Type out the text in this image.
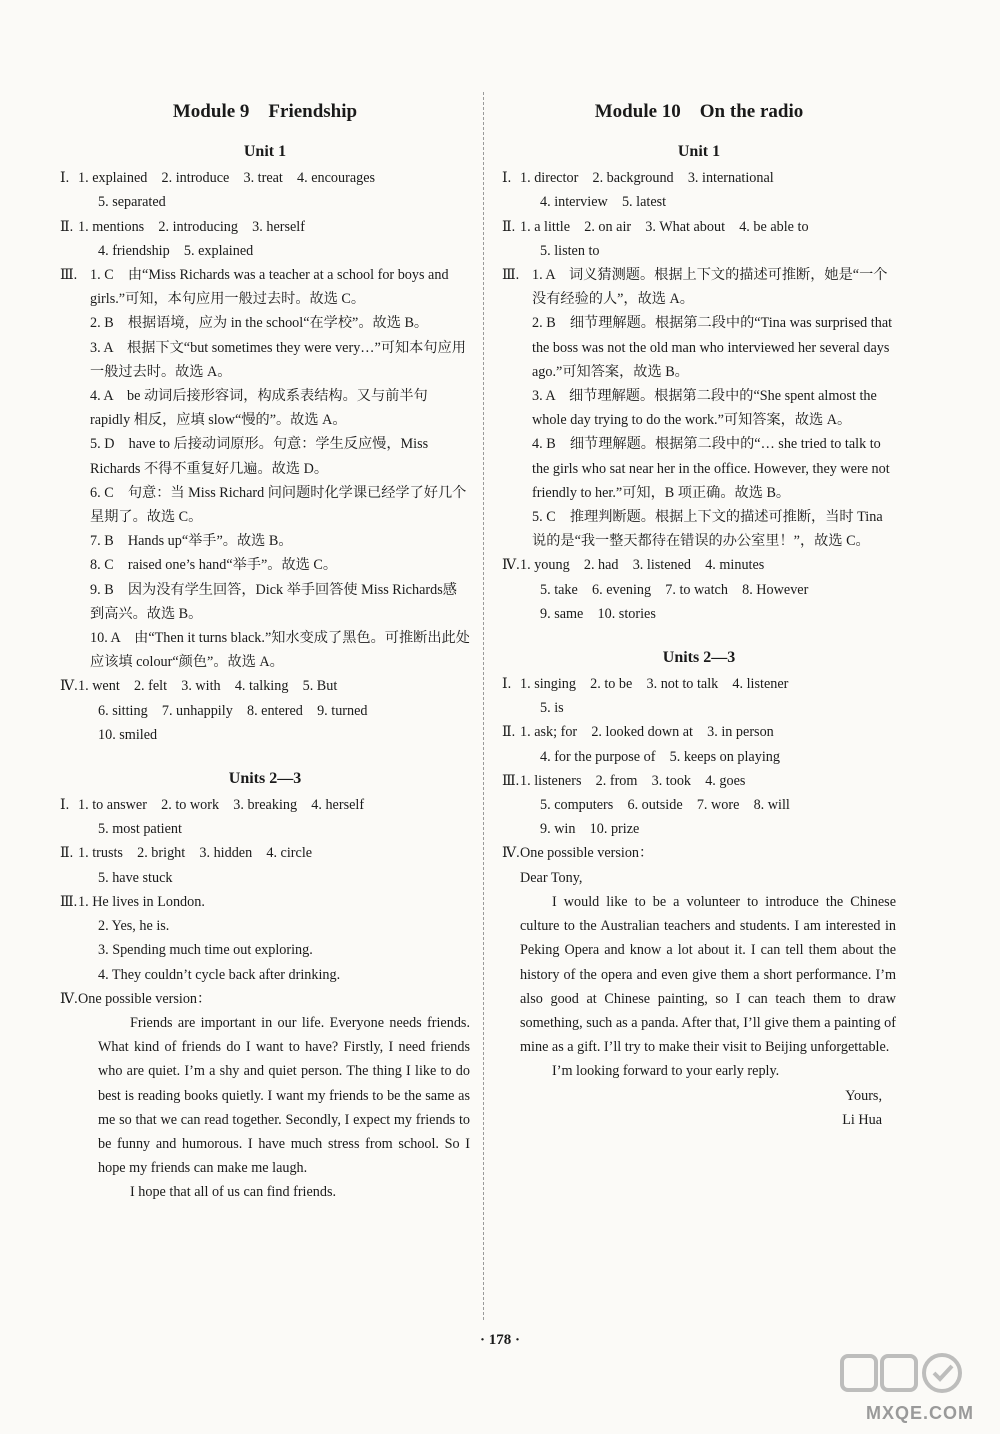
Module 9　Friendship
Unit 1
Ⅰ. 1. explained　2. introduce　3. treat　4. encourages
5. separated
Ⅱ. 1. mentions　2. introducing　3. herself
4. friendship　5. explained
Ⅲ. 1. C　由“Miss Richards was a teacher at a school for boys and girls.”可知，本句应用一般过去时。故选 C。
2. B　根据语境，应为 in the school“在学校”。故选 B。
3. A　根据下文“but sometimes they were very…”可知本句应用一般过去时。故选 A。
4. A　be 动词后接形容词，构成系表结构。又与前半句 rapidly 相反，应填 slow“慢的”。故选 A。
5. D　have to 后接动词原形。句意：学生反应慢，Miss Richards 不得不重复好几遍。故选 D。
6. C　句意：当 Miss Richard 问问题时化学课已经学了好几个星期了。故选 C。
7. B　Hands up“举手”。故选 B。
8. C　raised one’s hand“举手”。故选 C。
9. B　因为没有学生回答，Dick 举手回答使 Miss Richards感到高兴。故选 B。
10. A　由“Then it turns black.”知水变成了黑色。可推断出此处应该填 colour“颜色”。故选 A。
Ⅳ.1. went　2. felt　3. with　4. talking　5. But
6. sitting　7. unhappily　8. entered　9. turned
10. smiled
Units 2—3
Ⅰ. 1. to answer　2. to work　3. breaking　4. herself
5. most patient
Ⅱ. 1. trusts　2. bright　3. hidden　4. circle
5. have stuck
Ⅲ.1. He lives in London.
2. Yes, he is.
3. Spending much time out exploring.
4. They couldn’t cycle back after drinking.
Ⅳ.One possible version：
Friends are important in our life. Everyone needs friends. What kind of friends do I want to have? Firstly, I need friends who are quiet. I’m a shy and quiet person. The thing I like to do best is reading books quietly. I want my friends to be the same as me so that we can read together. Secondly, I expect my friends to be funny and humorous. I have much stress from school. So I hope my friends can make me laugh.
I hope that all of us can find friends.
Module 10　On the radio
Unit 1
Ⅰ. 1. director　2. background　3. international
4. interview　5. latest
Ⅱ. 1. a little　2. on air　3. What about　4. be able to
5. listen to
Ⅲ. 1. A　词义猜测题。根据上下文的描述可推断，她是“一个没有经验的人”，故选 A。
2. B　细节理解题。根据第二段中的“Tina was surprised that the boss was not the old man who interviewed her several days ago.”可知答案，故选 B。
3. A　细节理解题。根据第二段中的“She spent almost the whole day trying to do the work.”可知答案，故选 A。
4. B　细节理解题。根据第二段中的“… she tried to talk to the girls who sat near her in the office. However, they were not friendly to her.”可知，B 项正确。故选 B。
5. C　推理判断题。根据上下文的描述可推断，当时 Tina 说的是“我一整天都待在错误的办公室里！”，故选 C。
Ⅳ.1. young　2. had　3. listened　4. minutes
5. take　6. evening　7. to watch　8. However
9. same　10. stories
Units 2—3
Ⅰ. 1. singing　2. to be　3. not to talk　4. listener
5. is
Ⅱ. 1. ask; for　2. looked down at　3. in person
4. for the purpose of　5. keeps on playing
Ⅲ.1. listeners　2. from　3. took　4. goes
5. computers　6. outside　7. wore　8. will
9. win　10. prize
Ⅳ.One possible version：
Dear Tony,
I would like to be a volunteer to introduce the Chinese culture to the Australian teachers and students. I am interested in Peking Opera and know a lot about it. I can tell them about the history of the opera and even give them a short performance. I’m also good at Chinese painting, so I can teach them to draw something, such as a panda. After that, I’ll give them a painting of mine as a gift. I’ll try to make their visit to Beijing unforgettable.
I’m looking forward to your early reply.
Yours,
Li Hua
· 178 ·
MXQE.COM
